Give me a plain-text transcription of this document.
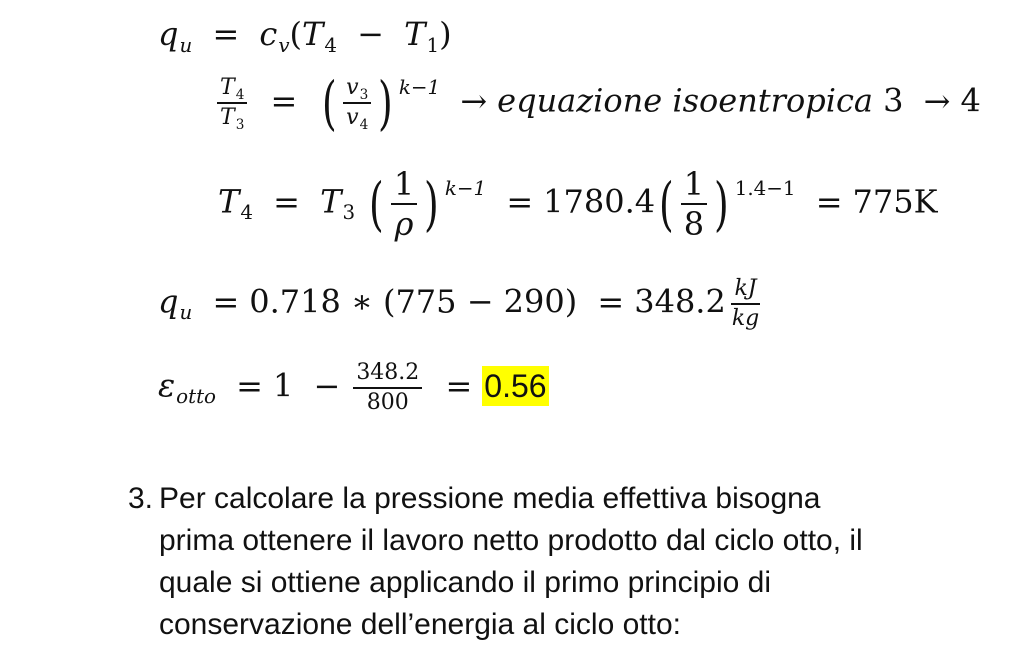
$q_u = c_v(T_4 - T_1)$
$\frac{T_4}{T_3}$ = ( $\frac{v_3}{v_4}$ ) $^{k-1}$ → equazione isoentropica 3 → 4
$T_4 = T_3$ ( $\frac{1}{\rho}$ ) $^{k-1} = 1780.4( \frac{1}{8}$ ) $^{1.4-1}$ = 775K
$q_u = 0.718$ ∗ $(775 - 290) = 348.2 \frac{kJ}{kg}$
$\varepsilon_{otto} = 1 - \frac{348.2}{800} = 0.56$
3. Per calcolare la pressione media effettiva bisogna
prima ottenere il lavoro netto prodotto dal ciclo otto, il
quale si ottiene applicando il primo principio di
conservazione dell’energia al ciclo otto:
